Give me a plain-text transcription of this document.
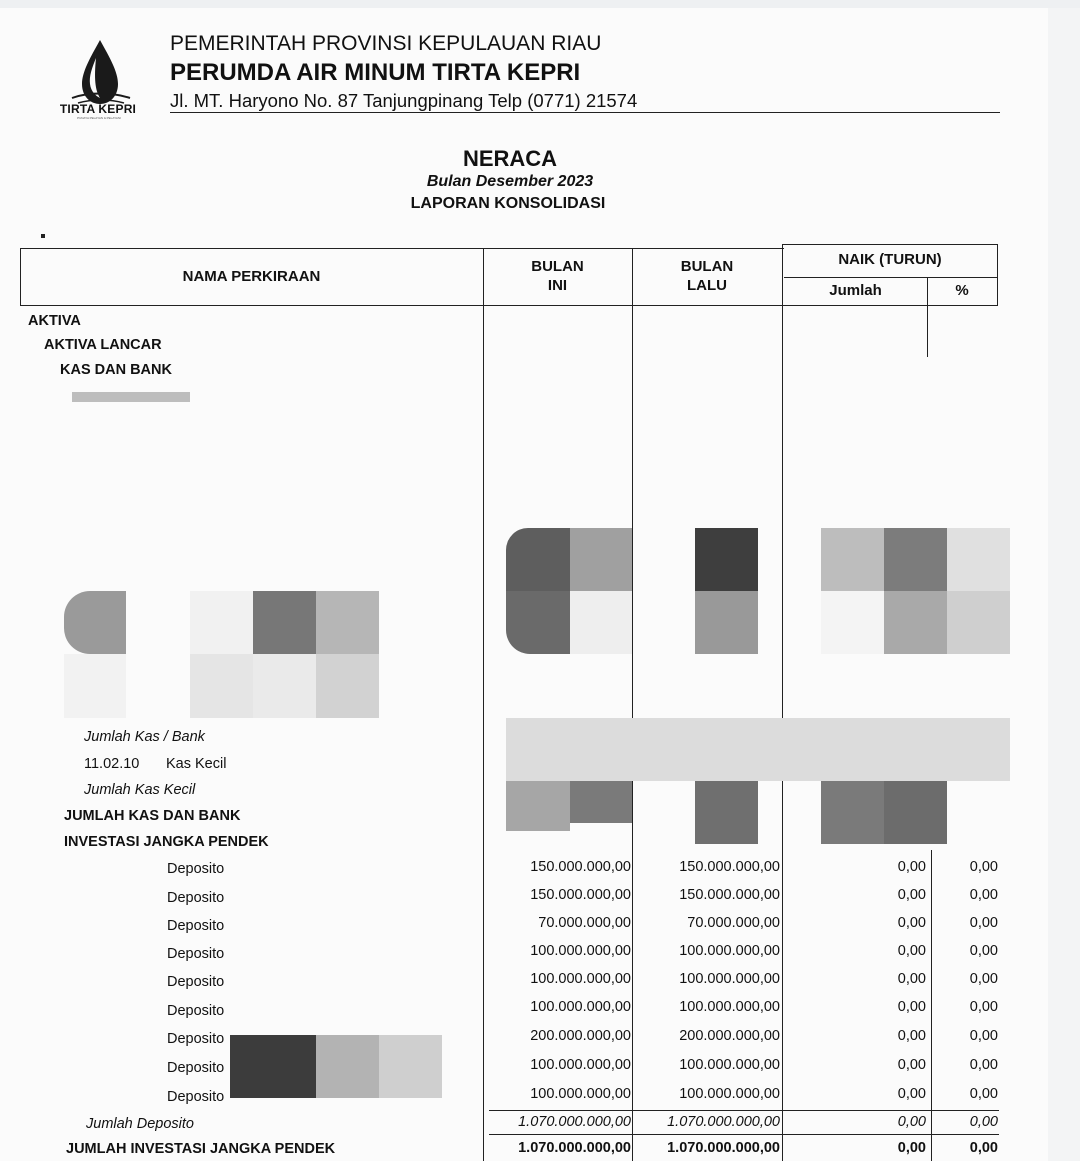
TIRTA KEPRI
PUNAYA PELAYAN & PELAYANI
PEMERINTAH PROVINSI KEPULAUAN RIAU
PERUMDA AIR MINUM TIRTA KEPRI
Jl. MT. Haryono No. 87 Tanjungpinang Telp (0771) 21574
NERACA
Bulan Desember 2023
LAPORAN KONSOLIDASI
NAMA PERKIRAAN
BULAN
INI
BULAN
LALU
NAIK (TURUN)
Jumlah	%
AKTIVA
AKTIVA LANCAR
KAS DAN BANK
Jumlah Kas / Bank
11.02.10 Kas Kecil
Jumlah Kas Kecil
JUMLAH KAS DAN BANK
INVESTASI JANGKA PENDEK
Deposito	150.000.000,00	150.000.000,00	0,00	0,00
Deposito	150.000.000,00	150.000.000,00	0,00	0,00
Deposito	70.000.000,00	70.000.000,00	0,00	0,00
Deposito	100.000.000,00	100.000.000,00	0,00	0,00
Deposito	100.000.000,00	100.000.000,00	0,00	0,00
Deposito	100.000.000,00	100.000.000,00	0,00	0,00
Deposito	200.000.000,00	200.000.000,00	0,00	0,00
Deposito	100.000.000,00	100.000.000,00	0,00	0,00
Deposito	100.000.000,00	100.000.000,00	0,00	0,00
Jumlah Deposito	1.070.000.000,00	1.070.000.000,00	0,00	0,00
JUMLAH INVESTASI JANGKA PENDEK	1.070.000.000,00	1.070.000.000,00	0,00	0,00
